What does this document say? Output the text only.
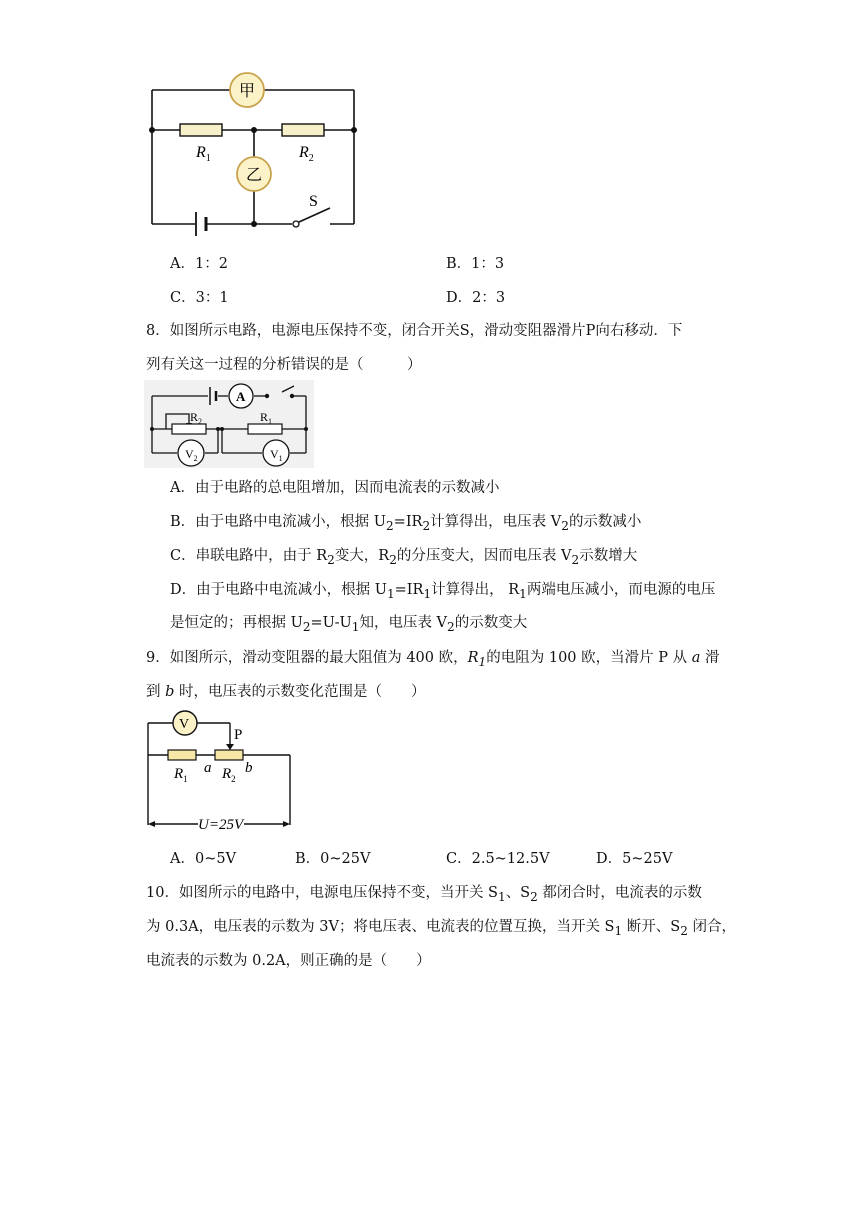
甲
乙
$R_1$	$R_2$
S
A．1：2	B．1：3
C．3：1	D．2：3
8．如图所示电路，电源电压保持不变，闭合开关S，滑动变阻器滑片P向右移动．下
列有关这一过程的分析错误的是（　　　）
A
$R_2$	$R_1$
$V_2$	$V_1$
A．由于电路的总电阻增加，因而电流表的示数减小
B．由于电路中电流减小，根据 $U_2=IR_2$计算得出，电压表 $V_2$的示数减小
C．串联电路中，由于 $R_2$变大，$R_2$的分压变大，因而电压表 $V_2$示数增大
D．由于电路中电流减小，根据 $U_1=IR_1$计算得出， $R_1$两端电压减小，而电源的电压
是恒定的；再根据 $U_2=U-U_1$知，电压表 $V_2$的示数变大
9．如图所示，滑动变阻器的最大阻值为 400 欧，$R_1$的电阻为 100 欧，当滑片 P 从 a 滑
到 b 时，电压表的示数变化范围是（　　）
V
P
$R_1$
a $R_2$
b
U=25V
A．0~5V	B．0~25V	C．2.5~12.5V	D．5~25V
10．如图所示的电路中，电源电压保持不变，当开关 $S_1$、$S_2$ 都闭合时，电流表的示数
为 0.3A，电压表的示数为 3V；将电压表、电流表的位置互换，当开关 $S_1$ 断开、$S_2$ 闭合，
电流表的示数为 0.2A，则正确的是（　　）
